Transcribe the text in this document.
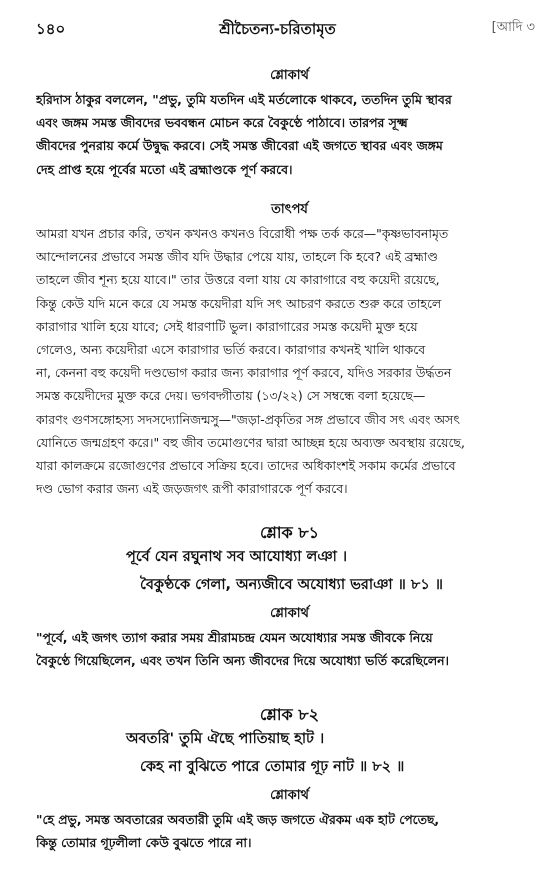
১৪০	শ্রীচৈতন্য-চরিতামৃত	[আদি ৩
শ্লোকার্থ
হরিদাস ঠাকুর বললেন, "প্রভু, তুমি যতদিন এই মর্তলোকে থাকবে, ততদিন তুমি স্থাবর
এবং জঙ্গম সমস্ত জীবদের ভববন্ধন মোচন করে বৈকুণ্ঠে পাঠাবে। তারপর সূক্ষ্ম
জীবদের পুনরায় কর্মে উদ্বুদ্ধ করবে। সেই সমস্ত জীবেরা এই জগতে স্থাবর এবং জঙ্গম
দেহ প্রাপ্ত হয়ে পূর্বের মতো এই ব্রহ্মাণ্ডকে পূর্ণ করবে।
তাৎপর্য
আমরা যখন প্রচার করি, তখন কখনও কখনও বিরোধী পক্ষ তর্ক করে—"কৃষ্ণভাবনামৃত
আন্দোলনের প্রভাবে সমস্ত জীব যদি উদ্ধার পেয়ে যায়, তাহলে কি হবে? এই ব্রহ্মাণ্ড
তাহলে জীব শূন্য হয়ে যাবে।" তার উত্তরে বলা যায় যে কারাগারে বহু কয়েদী রয়েছে,
কিন্তু কেউ যদি মনে করে যে সমস্ত কয়েদীরা যদি সৎ আচরণ করতে শুরু করে তাহলে
কারাগার খালি হয়ে যাবে; সেই ধারণাটি ভুল। কারাগারের সমস্ত কয়েদী মুক্ত হয়ে
গেলেও, অন্য কয়েদীরা এসে কারাগার ভর্তি করবে। কারাগার কখনই খালি থাকবে
না, কেননা বহু কয়েদী দণ্ডভোগ করার জন্য কারাগার পূর্ণ করবে, যদিও সরকার উর্দ্ধতন
সমস্ত কয়েদীদের মুক্ত করে দেয়। ভগবদ্গীতায় (১৩/২২) সে সম্বন্ধে বলা হয়েছে—
কারণং গুণসঙ্গোহস্য সদসদ্যোনিজন্মসু—"জড়া-প্রকৃতির সঙ্গ প্রভাবে জীব সৎ এবং অসৎ
যোনিতে জন্মগ্রহণ করে।" বহু জীব তমোগুণের দ্বারা আচ্ছন্ন হয়ে অব্যক্ত অবস্থায় রয়েছে,
যারা কালক্রমে রজোগুণের প্রভাবে সক্রিয় হবে। তাদের অধিকাংশই সকাম কর্মের প্রভাবে
দণ্ড ভোগ করার জন্য এই জড়জগৎ রূপী কারাগারকে পূর্ণ করবে।
শ্লোক ৮১
পূর্বে যেন রঘুনাথ সব আযোধ্যা লঞা ।
বৈকুণ্ঠকে গেলা, অন্যজীবে অযোধ্যা ভরাঞা ॥ ৮১ ॥
শ্লোকার্থ
"পূর্বে, এই জগৎ ত্যাগ করার সময় শ্রীরামচন্দ্র যেমন অযোধ্যার সমস্ত জীবকে নিয়ে
বৈকুণ্ঠে গিয়েছিলেন, এবং তখন তিনি অন্য জীবদের দিয়ে অযোধ্যা ভর্তি করেছিলেন।
শ্লোক ৮২
অবতরি' তুমি ঐছে পাতিয়াছ হাট ।
কেহ না বুঝিতে পারে তোমার গূঢ় নাট ॥ ৮২ ॥
শ্লোকার্থ
"হে প্রভু, সমস্ত অবতারের অবতারী তুমি এই জড় জগতে ঐরকম এক হাট পেতেছ,
কিন্তু তোমার গূঢ়লীলা কেউ বুঝতে পারে না।
